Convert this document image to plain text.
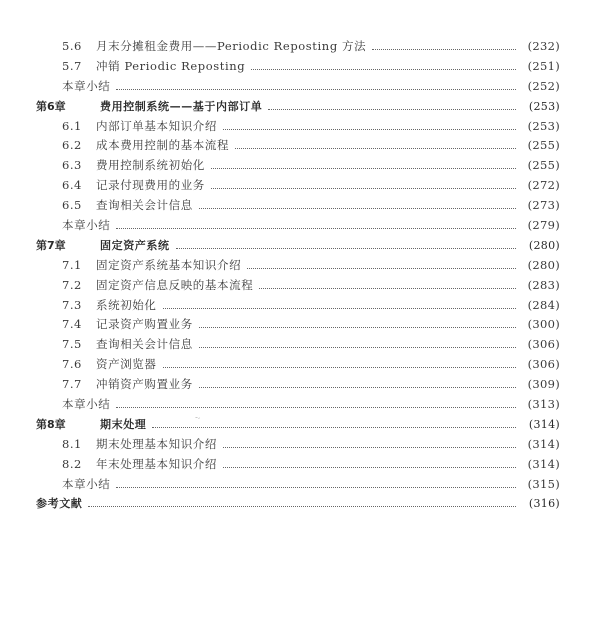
5.6	月末分摊租金费用——Periodic Reposting 方法	(232)
5.7	冲销 Periodic Reposting	(251)
本章小结	(252)
第6章	费用控制系统——基于内部订单	(253)
6.1	内部订单基本知识介绍	(253)
6.2	成本费用控制的基本流程	(255)
6.3	费用控制系统初始化	(255)
6.4	记录付现费用的业务	(272)
6.5	查询相关会计信息	(273)
本章小结	(279)
第7章	固定资产系统	(280)
7.1	固定资产系统基本知识介绍	(280)
7.2	固定资产信息反映的基本流程	(283)
7.3	系统初始化	(284)
7.4	记录资产购置业务	(300)
7.5	查询相关会计信息	(306)
7.6	资产浏览器	(306)
7.7	冲销资产购置业务	(309)
本章小结	(313)
第8章	期末处理	(314)
8.1	期末处理基本知识介绍	(314)
8.2	年末处理基本知识介绍	(314)
本章小结	(315)
参考文献	(316)
˜‘
